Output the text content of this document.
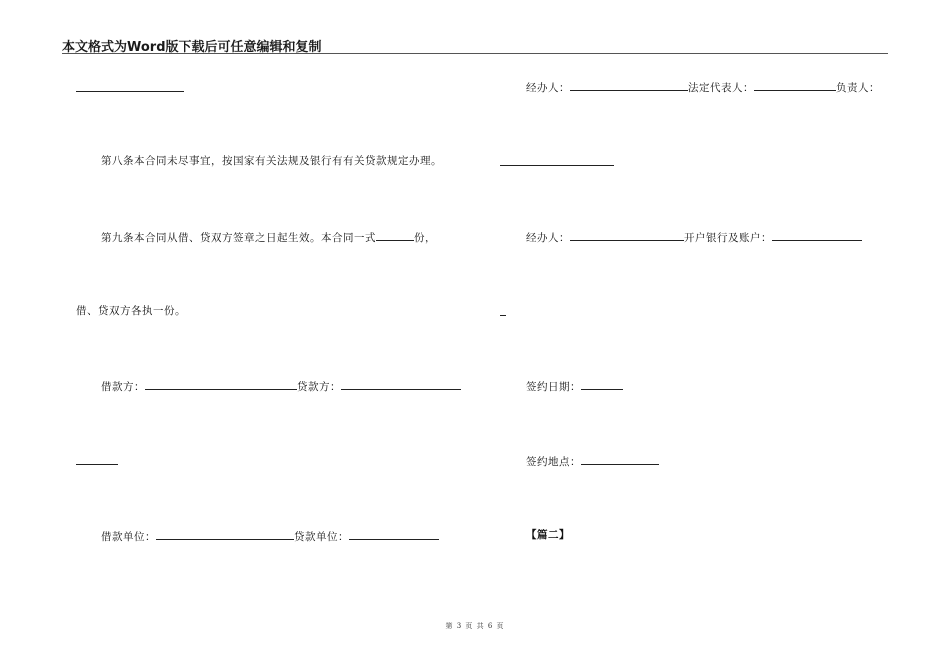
本文格式为Word版下载后可任意编辑和复制
第八条本合同未尽事宜，按国家有关法规及银行有有关贷款规定办理。
第九条本合同从借、贷双方签章之日起生效。本合同一式	份，
借、贷双方各执一份。
借款方：	贷款方：
借款单位：	贷款单位：
经办人：	法定代表人：	负责人：
经办人：	开户银行及账户：
签约日期：
签约地点：
【篇二】
第 3 页 共 6 页
